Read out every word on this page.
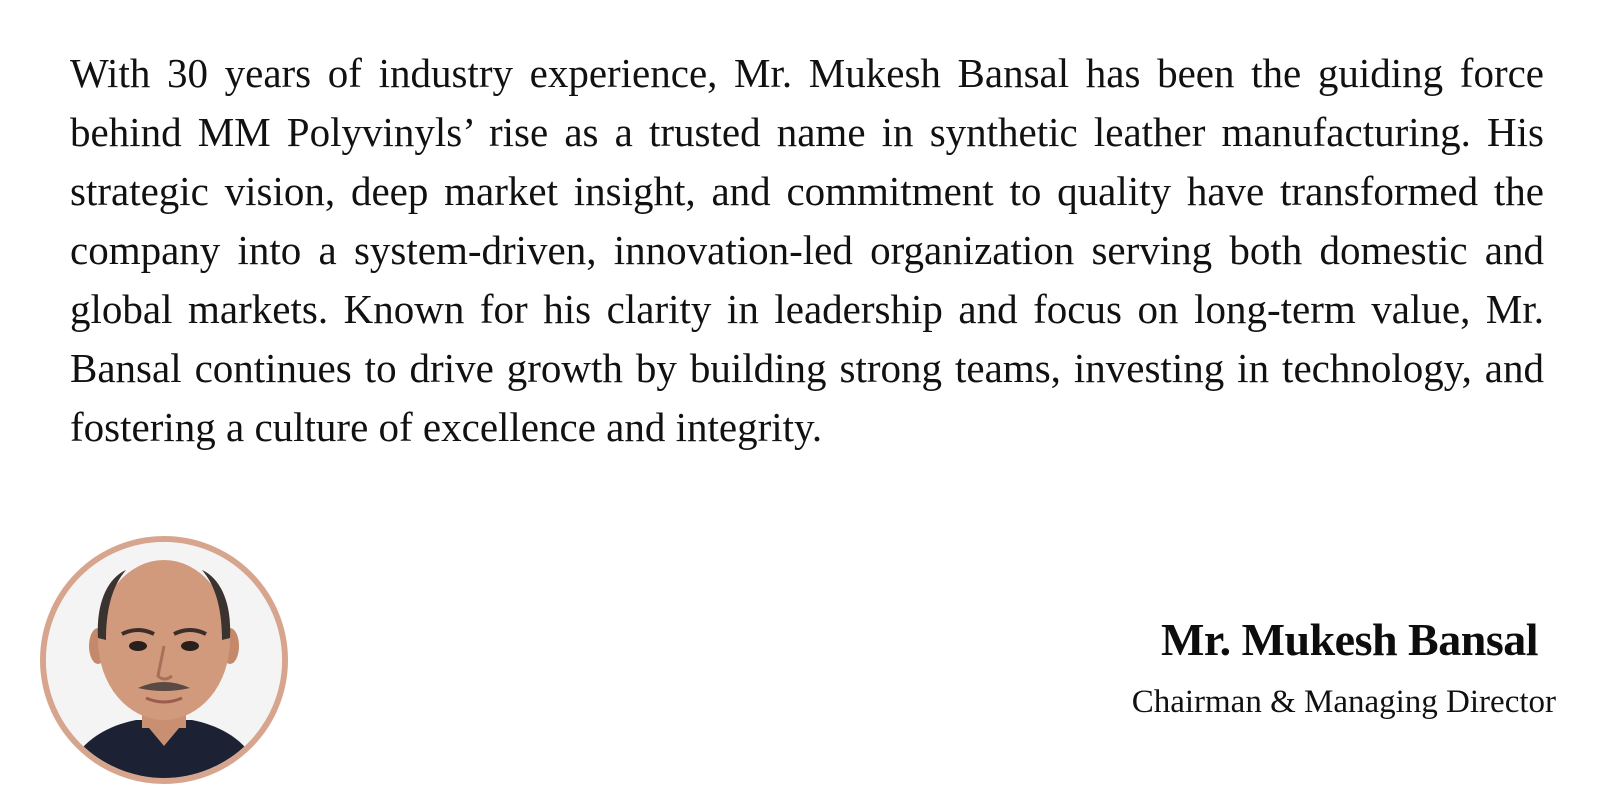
With 30 years of industry experience, Mr. Mukesh Bansal has been the guiding force behind MM Polyvinyls’ rise as a trusted name in synthetic leather manufacturing. His strategic vision, deep market insight, and commitment to quality have transformed the company into a system-driven, innovation-led organization serving both domestic and global markets. Known for his clarity in leadership and focus on long-term value, Mr. Bansal continues to drive growth by building strong teams, investing in technology, and fostering a culture of excellence and integrity.

Mr. Mukesh Bansal

Chairman & Managing Director
